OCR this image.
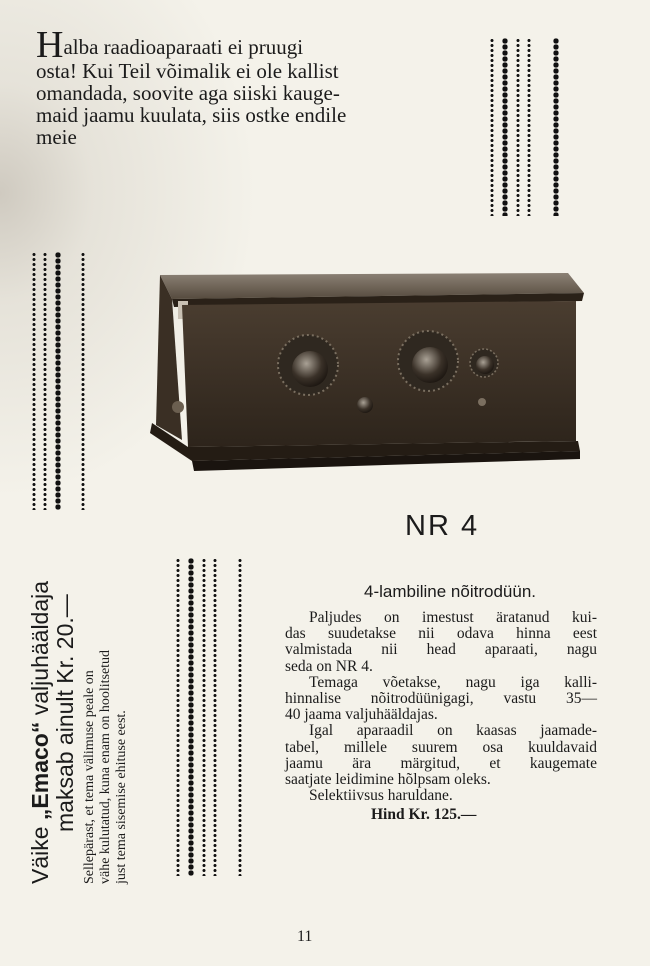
Halba raadioaparaati ei pruugi
osta! Kui Teil võimalik ei ole kallist
omandada, soovite aga siiski kauge-
maid jaamu kuulata, siis ostke endile
meie
NR 4
Väike „Emaco“ valjuhääldaja maksab ainult Kr. 20.— Sellepärast, et tema välimuse peale on vähe kulutatud, kuna enam on hoolitsetud just tema sisemise ehituse eest.
4-lambiline nõitrodüün.
Paljudes on imestust äratanud kui-
das suudetakse nii odava hinna eest
valmistada nii head aparaati, nagu
seda on NR 4.
Temaga võetakse, nagu iga kalli-
hinnalise nõitrodüünigagi, vastu 35—
40 jaama valjuhääldajas.
Igal aparaadil on kaasas jaamade-
tabel, millele suurem osa kuuldavaid
jaamu ära märgitud, et kaugemate
saatjate leidimine hõlpsam oleks.
Selektiivsus haruldane.
Hind Kr. 125.—
11
